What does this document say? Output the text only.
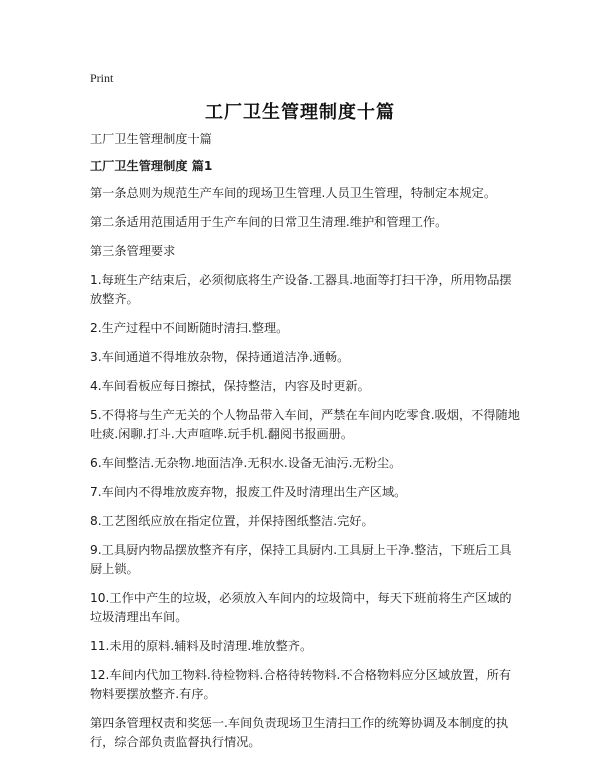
Print
工厂卫生管理制度十篇

工厂卫生管理制度十篇

工厂卫生管理制度 篇1

第一条总则为规范生产车间的现场卫生管理.人员卫生管理，特制定本规定。

第二条适用范围适用于生产车间的日常卫生清理.维护和管理工作。

第三条管理要求

1.每班生产结束后，必须彻底将生产设备.工器具.地面等打扫干净，所用物品摆放整齐。

2.生产过程中不间断随时清扫.整理。

3.车间通道不得堆放杂物，保持通道洁净.通畅。

4.车间看板应每日擦拭，保持整洁，内容及时更新。

5.不得将与生产无关的个人物品带入车间，严禁在车间内吃零食.吸烟，不得随地吐痰.闲聊.打斗.大声喧哗.玩手机.翻阅书报画册。

6.车间整洁.无杂物.地面洁净.无积水.设备无油污.无粉尘。

7.车间内不得堆放废弃物，报废工件及时清理出生产区域。

8.工艺图纸应放在指定位置，并保持图纸整洁.完好。

9.工具厨内物品摆放整齐有序，保持工具厨内.工具厨上干净.整洁，下班后工具厨上锁。

10.工作中产生的垃圾，必须放入车间内的垃圾筒中，每天下班前将生产区域的垃圾清理出车间。

11.未用的原料.辅料及时清理.堆放整齐。

12.车间内代加工物料.待检物料.合格待转物料.不合格物料应分区域放置，所有物料要摆放整齐.有序。

第四条管理权责和奖惩一.车间负责现场卫生清扫工作的统筹协调及本制度的执行，综合部负责监督执行情况。
